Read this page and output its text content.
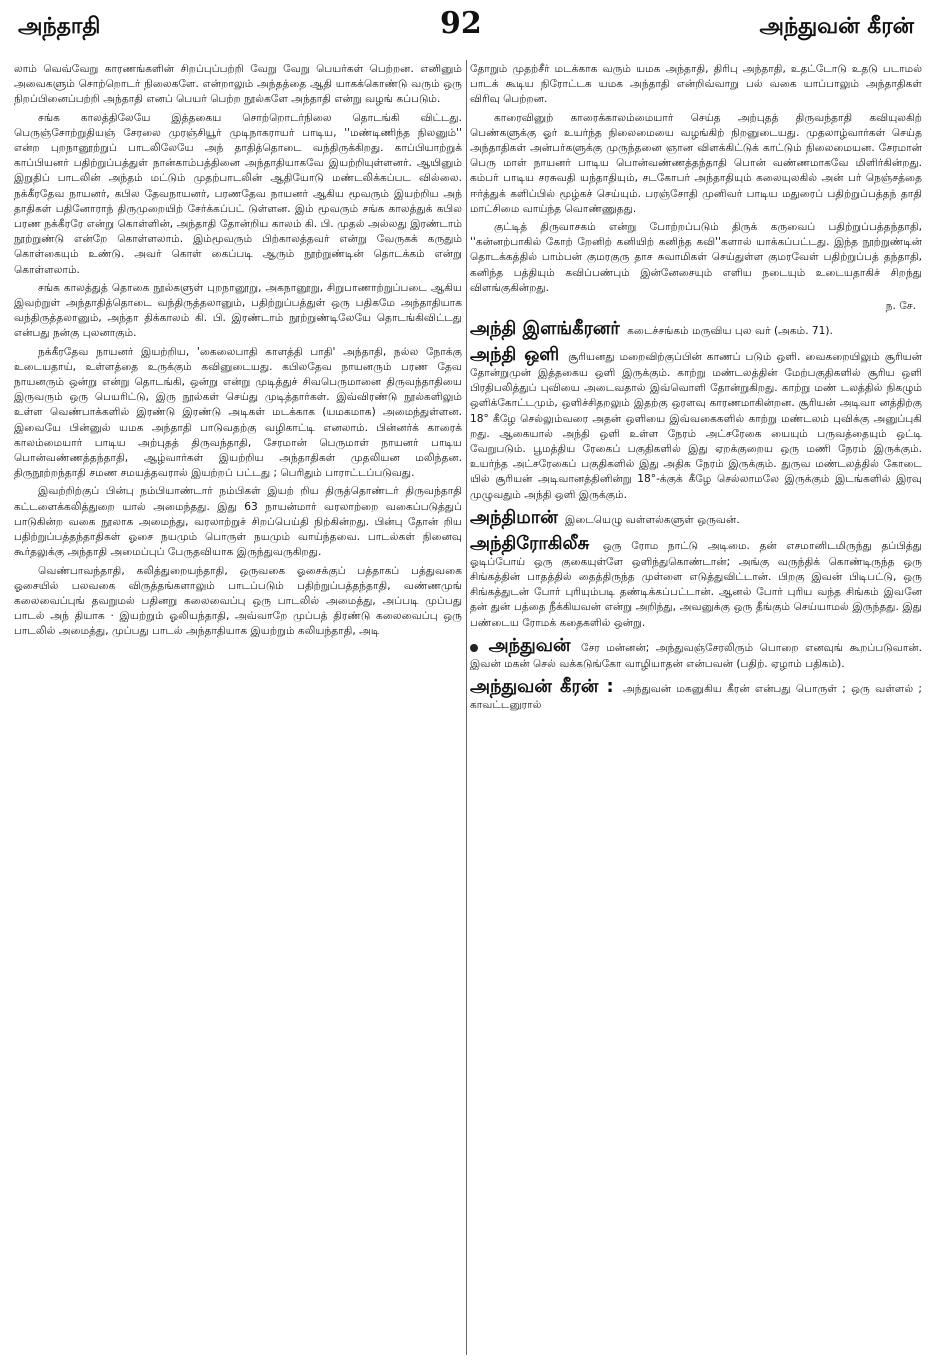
அந்தாதி	92	அந்துவன் கீரன்

லாம் வெவ்வேறு காரணங்களின் சிறப்புப்பற்றி வேறு வேறு பெயர்கள் பெற்றன. எனினும் அவைகளும் சொற்றொடர் நிலைகளே. என்றாலும் அந்தத்தை ஆதி யாகக்கொண்டு வரும் ஒரு நிறப்பினைப்பற்றி அந்தாதி எனப் பெயர் பெற்ற நூல்களே அந்தாதி என்று வழங் கப்படும்.

சங்க காலத்திலேயே இத்தகைய சொற்றொடர்நிலை தொடங்கி விட்டது. பெருஞ்சோற்றுதியஞ் சேரலை முரஞ்சியூர் முடிநாகராயர் பாடிய, ''மண்டிணிந்த நிலனும்'' என்ற புறநானூற்றுப் பாடலிலேயே அந் தாதித்தொடை வந்திருக்கிறது. காப்பியாற்றுக் காப்பியனர் பதிற்றுப்பத்துள் நான்காம்பத்தினை அந்தாதியாகவே இயற்றியுள்ளனர். ஆயினும் இறுதிப் பாடலின் அந்தம் மட்டும் முதற்பாடலின் ஆதியோடு மண்டலிக்கப்பட வில்லை. நக்கீரதேவ நாயனர், கபில தேவநாயனர், பரணதேவ நாயனர் ஆகிய மூவரும் இயற்றிய அந் தாதிகள் பதினோராந் திருமுறையிற் சேர்க்கப்பட் டுள்ளன. இம் மூவரும் சங்க காலத்துக் கபில பரண நக்கீரரே என்று கொள்ளின், அந்தாதி தோன்றிய காலம் கி. பி. முதல் அல்லது இரண்டாம் நூற்றுண்டு என்றே கொள்ளலாம். இம்மூவரும் பிற்காலத்தவர் என்று வேருகக் கருதும் கொள்கையும் உண்டு. அவர் கொள் கைப்படி ஆரும் நூற்றுண்டின் தொடக்கம் என்று கொள்ளலாம்.

சங்க காலத்துத் தொகை நூல்களுள் புறநானூறு, அகநானூறு, சிறுபாணாற்றுப்படை ஆகிய இவற்றுள் அந்தாதித்தொடை வந்திருத்தலானும், பதிற்றுப்பத்துள் ஒரு பதிகமே அந்தாதியாக வந்திருத்தலானும், அந்தா திக்காலம் கி. பி. இரண்டாம் நூற்றுண்டிலேயே தொடங்கிவிட்டது என்பது நன்கு புலனாகும்.

நக்கீரதேவ நாயனர் இயற்றிய, 'கைலைபாதி காளத்தி பாதி' அந்தாதி, நல்ல நோக்கு உடையதாய், உள்ளத்தை உருக்கும் கவினுடையது. கபிலதேவ நாயனரும் பரண தேவ நாயனரும் ஒன்று என்று தொடங்கி, ஒன்று என்று முடித்துச் சிவபெருமானை திருவந்தாதியை இருவரும் ஒரு பெயரிட்டு, இரு நூல்கள் செய்து முடித்தார்கள். இவ்விரண்டு நூல்களிலும் உள்ள வெண்பாக்களில் இரண்டு இரண்டு அடிகள் மடக்காக (யமகமாக) அமைந்துள்ளன. இவையே பின்னுல் யமக அந்தாதி பாடுவதற்கு வழிகாட்டி எனலாம். பின்னர்க் காரைக் காலம்மையார் பாடிய அற்புதத் திருவந்தாதி, சேரமான் பெருமாள் நாயனர் பாடிய பொன்வண்ணத்தந்தாதி, ஆழ்வார்கள் இயற்றிய அந்தாதிகள் முதலியன மலிந்தன. திருநூற்றந்தாதி சமண சமயத்தவரால் இயற்றப் பட்டது ; பெரிதும் பாராட்டப்படுவது.

இவற்றிற்குப் பின்பு நம்பியாண்டார் நம்பிகள் இயற் றிய திருத்தொண்டர் திருவந்தாதி கட்டளைக்கலித்துறை யால் அமைந்தது. இது 63 நாயன்மார் வரலாற்றை வகைப்படுத்துப் பாடுகின்ற வகை நூலாக அமைந்து, வரலாற்றுச் சிறப்பெய்தி நிற்கின்றது. பின்பு தோன் றிய பதிற்றுப்பத்தந்தாதிகள் ஓசை நயமும் பொருள் நயமும் வாய்ந்தவை. பாடல்கள் நினைவு கூர்தலுக்கு அந்தாதி அமைப்புப் பேருதவியாக இருந்துவருகிறது.

வெண்பாவந்தாதி, கலித்துறையந்தாதி, ஒருவகை ஓசைக்குப் பத்தாகப் பத்துவகை ஓசையில் பலவகை விருத்தங்களாலும் பாடப்படும் பதிற்றுப்பத்தந்தாதி, வண்ணமுங் கலைவைப்புங் தவறுமல் பதினறு கலைவைப்பு ஒரு பாடலில் அமைத்து, அப்படி முப்பது பாடல் அந் தியாக · இயற்றும் ஓலியந்தாதி, அவ்வாறே முப்பத் திரண்டு கலைவைப்பு ஒரு பாடலில் அமைத்து, முப்பது பாடல் அந்தாதியாக இயற்றும் கலியந்தாதி, அடி

தோறும் முதற்சீர் மடக்காக வரும் யமக அந்தாதி, திரிபு அந்தாதி, உதட்டோடு உதடு படாமல் பாடக் கூடிய நிரோட்டக யமக அந்தாதி என்றிவ்வாறு பல் வகை யாப்பாலும் அந்தாதிகள் விரிவு பெற்றன.

காரைவினுற் காரைக்காலம்மையார் செய்த அற்புதத் திருவந்தாதி கவியுலகிற் பெண்களுக்கு ஓர் உயர்ந்த நிலைமையை வழங்கிற் நிறனுடையது. முதலாழ்வார்கள் செய்த அந்தாதிகள் அன்பர்களுக்கு முருந்தனை ஞான விளக்கிட்டுக் காட்டும் நிலைமையன. சேரமான் பெரு மாள் நாயனர் பாடிய பொன்வண்ணத்தந்தாதி பொன் வண்ணமாகவே மிளிர்கின்றது. கம்பர் பாடிய சரசுவதி யந்தாதியும், சடகோபர் அந்தாதியும் கலையுலகில் அன் பர் நெஞ்சத்தை ஈர்த்துக் களிப்பில் மூழ்கச் செய்யும். பரஞ்சோதி முனிவர் பாடிய மதுரைப் பதிற்றுப்பத்தந் தாதி மாட்சிமை வாய்ந்த வொண்ணுதது.

குட்டித் திருவாசகம் என்று போற்றப்படும் திருக் கருவைப் பதிற்றுப்பத்தந்தாதி, ''கன்னற்பாகில் கோற் றேனிற் கனியிற் கனிந்த கவி''களால் யாக்கப்பட்டது. இந்த நூற்றுண்டின் தொடக்கத்தில் பாம்பன் குமரகுரு தாச சுவாமிகள் செய்துள்ள குமரவேள் பதிற்றுப்பத் தந்தாதி, கனிந்த பத்தியும் கவிப்பண்பும் இன்னேசையும் எளிய நடையும் உடையதாகிச் சிறந்து விளங்குகின்றது.

ந. சே.
அந்தி இளங்கீரனர் கடைச்சங்கம் மருவிய புல வர் (அகம். 71).
அந்தி ஒளி சூரியனது மறைவிற்குப்பின் காணப் படும் ஒளி. வைகறையிலும் சூரியன் தோன்றுமுன் இத்தகைய ஒளி இருக்கும். காற்று மண்டலத்தின் மேற்பகுதிகளில் சூரிய ஒளி பிரதிபலித்துப் புவியை அடைவதால் இவ்வொளி தோன்றுகிறது. காற்று மண் டலத்தில் நிகழும் ஒளிக்கோட்டமும், ஒளிச்சிதறலும் இதற்கு ஒரளவு காரணமாகின்றன. சூரியன் அடிவா னத்திற்கு 18° கீழே செல்லும்வரை அதன் ஒளியை இவ்வகைகளில் காற்று மண்டலம் புவிக்கு அனுப்புகி றது. ஆகையால் அந்தி ஒளி உள்ள நேரம் அட்சரேகை யையும் பருவத்தையும் ஒட்டி வேறுபடும். பூமத்திய ரேகைப் பகுதிகளில் இது ஏறக்குறைய ஒரு மணி நேரம் இருக்கும். உயர்ந்த அட்சரேகைப் பகுதிகளில் இது அதிக நேரம் இருக்கும். துருவ மண்டலத்தில் கோடை யில் சூரியன் அடிவானத்தினின்று 18°-க்குக் கீழே செல்லாமலே இருக்கும் இடங்களில் இரவு முழுவதும் அந்தி ஒளி இருக்கும்.
அந்திமான் இடையெழு வள்ளல்களுள் ஒருவன்.
அந்திரோகிலீசு ஒரு ரோம நாட்டு அடிமை. தன் எசமானிடமிருந்து தப்பித்து ஓடிப்போய் ஒரு குகையுள்ளே ஒளிந்துகொண்டான்; அங்கு வருந்திக் கொண்டிருந்த ஒரு சிங்கத்தின் பாதத்தில் தைத்திருந்த முள்ளை எடுத்துவிட்டான். பிறகு இவன் பிடிபட்டு, ஒரு சிங்கத்துடன் போர் புரியும்படி தண்டிக்கப்பட்டான். ஆனல் போர் புரிய வந்த சிங்கம் இவனே தன் துன் பத்தை நீக்கியவன் என்று அறிந்து, அவனுக்கு ஒரு தீங்கும் செய்யாமல் இருந்தது. இது பண்டைய ரோமக் கதைகளில் ஒன்று.
அந்துவன் சேர மன்னன்; அந்துவஞ்சேரலிரும் பொறை எனவுங் கூறப்படுவான். இவன் மகன் செல் வக்கடுங்கோ வாழியாதன் என்பவன் (பதிற். ஏழாம் பதிகம்).
அந்துவன் கீரன் : அந்துவன் மகனுகிய கீரன் என்பது பொருள் ; ஒரு வள்ளல் ; காவட்டனுரால்
